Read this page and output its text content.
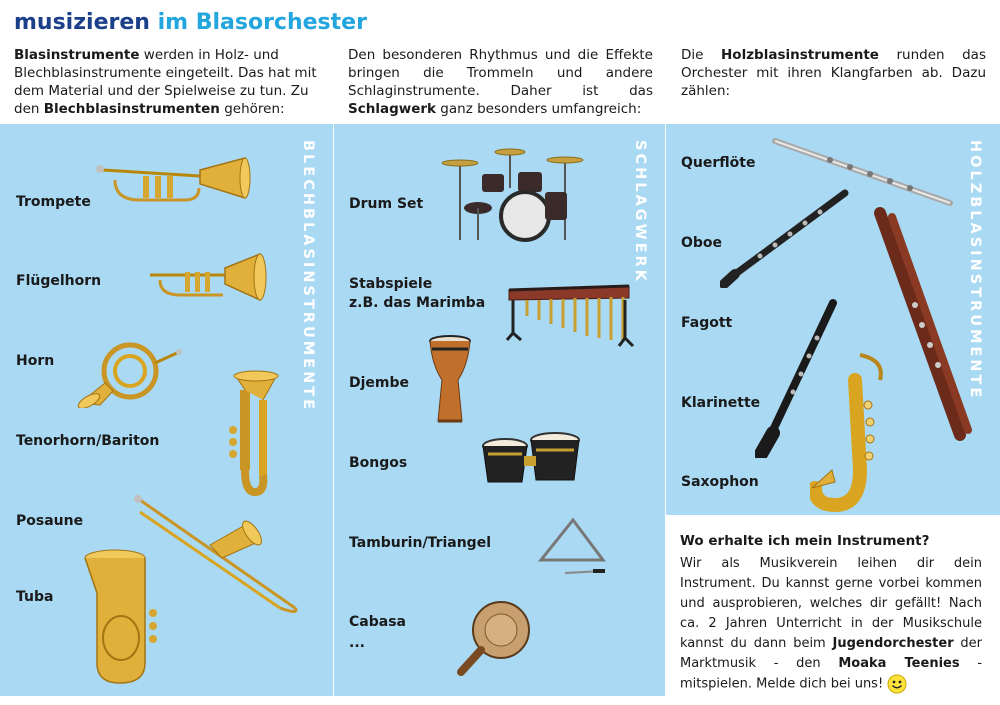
musizieren im Blasorchester
Blasinstrumente werden in Holz- und Blechblasinstrumente eingeteilt. Das hat mit dem Material und der Spielweise zu tun. Zu den Blechblasinstrumenten gehören:
Den besonderen Rhythmus und die Effekte bringen die Trommeln und andere Schlaginstrumente. Daher ist das Schlagwerk ganz besonders umfangreich:
Die Holzblasinstrumente runden das Orchester mit ihren Klangfarben ab. Dazu zählen:
BLECHBLASINSTRUMENTE	SCHLAGWERK	HOLZBLASINSTRUMENTE
Trompete
Flügelhorn
Horn
Tenorhorn/Bariton
Posaune
Tuba
Drum Set
Stabspiele
z.B. das Marimba
Djembe
Bongos
Tamburin/Triangel
Cabasa
...
Querflöte
Oboe
Fagott
Klarinette
Saxophon
Wo erhalte ich mein Instrument?
Wir als Musikverein leihen dir dein Instrument. Du kannst gerne vorbei kommen und ausprobieren, welches dir gefällt! Nach ca. 2 Jahren Unterricht in der Musikschule kannst du dann beim Jugendorchester der Marktmusik - den Moaka Teenies - mitspielen. Melde dich bei uns!
